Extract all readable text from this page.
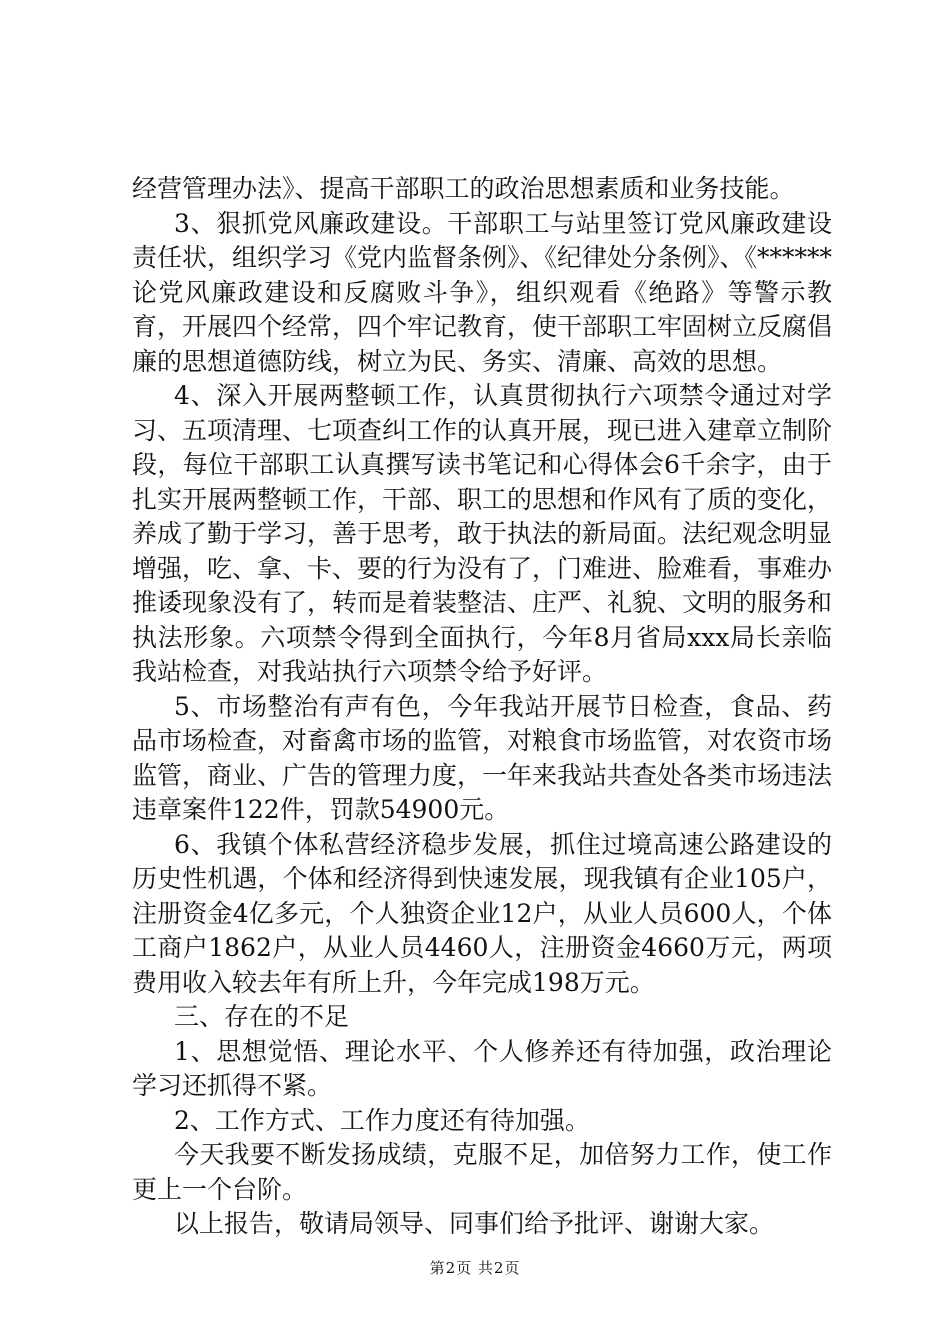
经营管理办法》、提高干部职工的政治思想素质和业务技能。

3、狠抓党风廉政建设。干部职工与站里签订党风廉政建设责任状，组织学习《党内监督条例》、《纪律处分条例》、《******论党风廉政建设和反腐败斗争》，组织观看《绝路》等警示教育，开展四个经常，四个牢记教育，使干部职工牢固树立反腐倡廉的思想道德防线，树立为民、务实、清廉、高效的思想。

4、深入开展两整顿工作，认真贯彻执行六项禁令通过对学习、五项清理、七项查纠工作的认真开展，现已进入建章立制阶段，每位干部职工认真撰写读书笔记和心得体会6千余字，由于扎实开展两整顿工作，干部、职工的思想和作风有了质的变化，养成了勤于学习，善于思考，敢于执法的新局面。法纪观念明显增强，吃、拿、卡、要的行为没有了，门难进、脸难看，事难办推诿现象没有了，转而是着装整洁、庄严、礼貌、文明的服务和执法形象。六项禁令得到全面执行，今年8月省局xxx局长亲临我站检查，对我站执行六项禁令给予好评。

5、市场整治有声有色，今年我站开展节日检查，食品、药品市场检查，对畜禽市场的监管，对粮食市场监管，对农资市场监管，商业、广告的管理力度，一年来我站共查处各类市场违法违章案件122件，罚款54900元。

6、我镇个体私营经济稳步发展，抓住过境高速公路建设的历史性机遇，个体和经济得到快速发展，现我镇有企业105户，注册资金4亿多元，个人独资企业12户，从业人员600人，个体工商户1862户，从业人员4460人，注册资金4660万元，两项费用收入较去年有所上升，今年完成198万元。

三、存在的不足

1、思想觉悟、理论水平、个人修养还有待加强，政治理论学习还抓得不紧。

2、工作方式、工作力度还有待加强。

今天我要不断发扬成绩，克服不足，加倍努力工作，使工作更上一个台阶。

以上报告，敬请局领导、同事们给予批评、谢谢大家。

第2页 共2页
